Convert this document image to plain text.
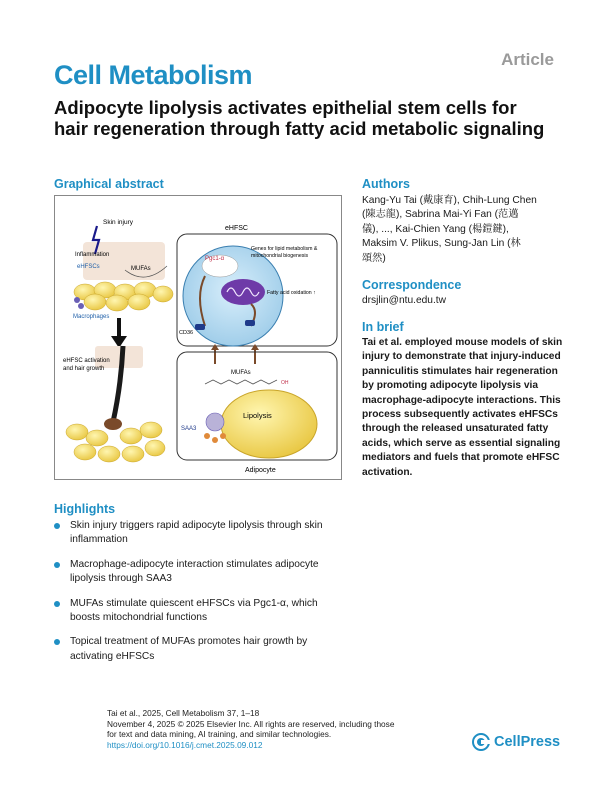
Article
Cell Metabolism
Adipocyte lipolysis activates epithelial stem cells for hair regeneration through fatty acid metabolic signaling
Graphical abstract
Skin injury
Inflammation
eHFSCs	MUFAs
Macrophages
eHFSC activation
and hair growth
eHFSC
Pgc1-α
Genes for lipid metabolism &
mitochondrial biogenesis
Fatty acid oxidation ↑
CD36
MUFAs
OH
SAA3
Lipolysis
Adipocyte
Authors
Kang-Yu Tai (戴康育), Chih-Lung Chen
(陳志龍), Sabrina Mai-Yi Fan (范邁
儀), ..., Kai-Chien Yang (楊鎧鍵),
Maksim V. Plikus, Sung-Jan Lin (林
頌然)
Correspondence
drsjlin@ntu.edu.tw
In brief
Tai et al. employed mouse models of skin
injury to demonstrate that injury-induced
panniculitis stimulates hair regeneration
by promoting adipocyte lipolysis via
macrophage-adipocyte interactions. This
process subsequently activates eHFSCs
through the released unsaturated fatty
acids, which serve as essential signaling
mediators and fuels that promote eHFSC
activation.
Highlights
Skin injury triggers rapid adipocyte lipolysis through skin
inflammation
Macrophage-adipocyte interaction stimulates adipocyte
lipolysis through SAA3
MUFAs stimulate quiescent eHFSCs via Pgc1-α, which
boosts mitochondrial functions
Topical treatment of MUFAs promotes hair growth by
activating eHFSCs
Tai et al., 2025, Cell Metabolism 37, 1–18
November 4, 2025 © 2025 Elsevier Inc. All rights are reserved, including those
for text and data mining, AI training, and similar technologies.
https://doi.org/10.1016/j.cmet.2025.09.012	CellPress
